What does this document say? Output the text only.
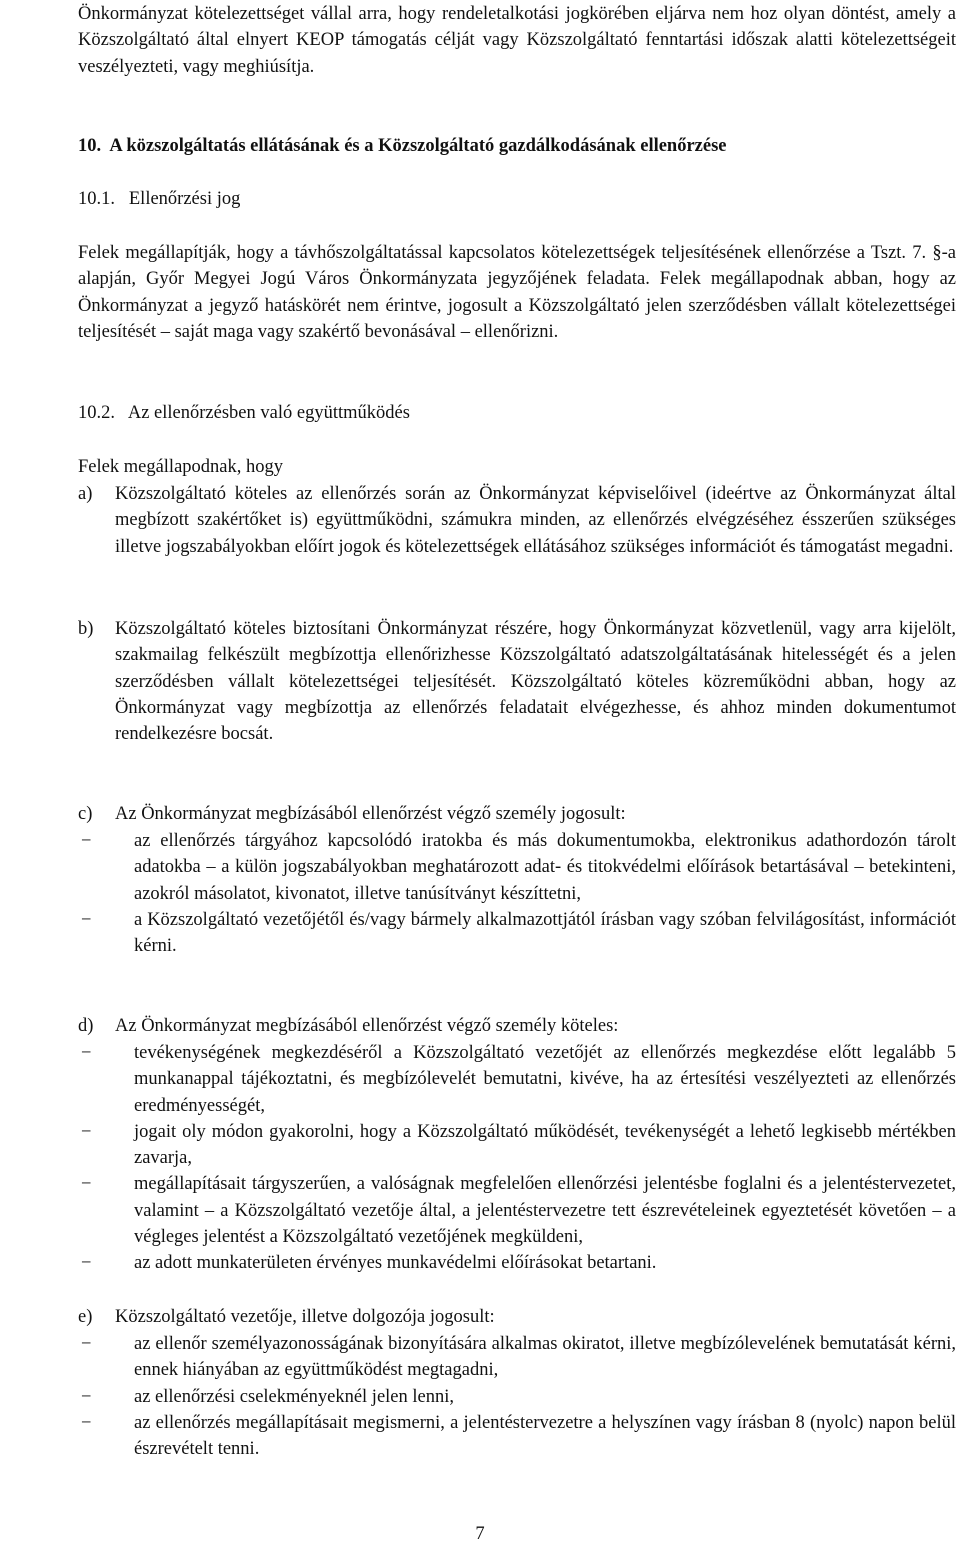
Önkormányzat kötelezettséget vállal arra, hogy rendeletalkotási jogkörében eljárva nem hoz olyan döntést, amely a Közszolgáltató által elnyert KEOP támogatás célját vagy Közszolgáltató fenntartási időszak alatti kötelezettségeit veszélyezteti, vagy meghiúsítja.
10. A közszolgáltatás ellátásának és a Közszolgáltató gazdálkodásának ellenőrzése
10.1. Ellenőrzési jog
Felek megállapítják, hogy a távhőszolgáltatással kapcsolatos kötelezettségek teljesítésének ellenőrzése a Tszt. 7. §-a alapján, Győr Megyei Jogú Város Önkormányzata jegyzőjének feladata. Felek megállapodnak abban, hogy az Önkormányzat a jegyző hatáskörét nem érintve, jogosult a Közszolgáltató jelen szerződésben vállalt kötelezettségei teljesítését – saját maga vagy szakértő bevonásával – ellenőrizni.
10.2. Az ellenőrzésben való együttműködés
Felek megállapodnak, hogy
a) Közszolgáltató köteles az ellenőrzés során az Önkormányzat képviselőivel (ideértve az Önkormányzat által megbízott szakértőket is) együttműködni, számukra minden, az ellenőrzés elvégzéséhez ésszerűen szükséges illetve jogszabályokban előírt jogok és kötelezettségek ellátásához szükséges információt és támogatást megadni.
b) Közszolgáltató köteles biztosítani Önkormányzat részére, hogy Önkormányzat közvetlenül, vagy arra kijelölt, szakmailag felkészült megbízottja ellenőrizhesse Közszolgáltató adatszolgáltatásának hitelességét és a jelen szerződésben vállalt kötelezettségei teljesítését. Közszolgáltató köteles közreműködni abban, hogy az Önkormányzat vagy megbízottja az ellenőrzés feladatait elvégezhesse, és ahhoz minden dokumentumot rendelkezésre bocsát.
c) Az Önkormányzat megbízásából ellenőrzést végző személy jogosult:
− az ellenőrzés tárgyához kapcsolódó iratokba és más dokumentumokba, elektronikus adathordozón tárolt adatokba – a külön jogszabályokban meghatározott adat- és titokvédelmi előírások betartásával – betekinteni, azokról másolatot, kivonatot, illetve tanúsítványt készíttetni,
− a Közszolgáltató vezetőjétől és/vagy bármely alkalmazottjától írásban vagy szóban felvilágosítást, információt kérni.
d) Az Önkormányzat megbízásából ellenőrzést végző személy köteles:
− tevékenységének megkezdéséről a Közszolgáltató vezetőjét az ellenőrzés megkezdése előtt legalább 5 munkanappal tájékoztatni, és megbízólevelét bemutatni, kivéve, ha az értesítési veszélyezteti az ellenőrzés eredményességét,
− jogait oly módon gyakorolni, hogy a Közszolgáltató működését, tevékenységét a lehető legkisebb mértékben zavarja,
− megállapításait tárgyszerűen, a valóságnak megfelelően ellenőrzési jelentésbe foglalni és a jelentéstervezetet, valamint – a Közszolgáltató vezetője által, a jelentéstervezetre tett észrevételeinek egyeztetését követően – a végleges jelentést a Közszolgáltató vezetőjének megküldeni,
− az adott munkaterületen érvényes munkavédelmi előírásokat betartani.
e) Közszolgáltató vezetője, illetve dolgozója jogosult:
− az ellenőr személyazonosságának bizonyítására alkalmas okiratot, illetve megbízólevelének bemutatását kérni, ennek hiányában az együttműködést megtagadni,
− az ellenőrzési cselekményeknél jelen lenni,
− az ellenőrzés megállapításait megismerni, a jelentéstervezetre a helyszínen vagy írásban 8 (nyolc) napon belül észrevételt tenni.
7
